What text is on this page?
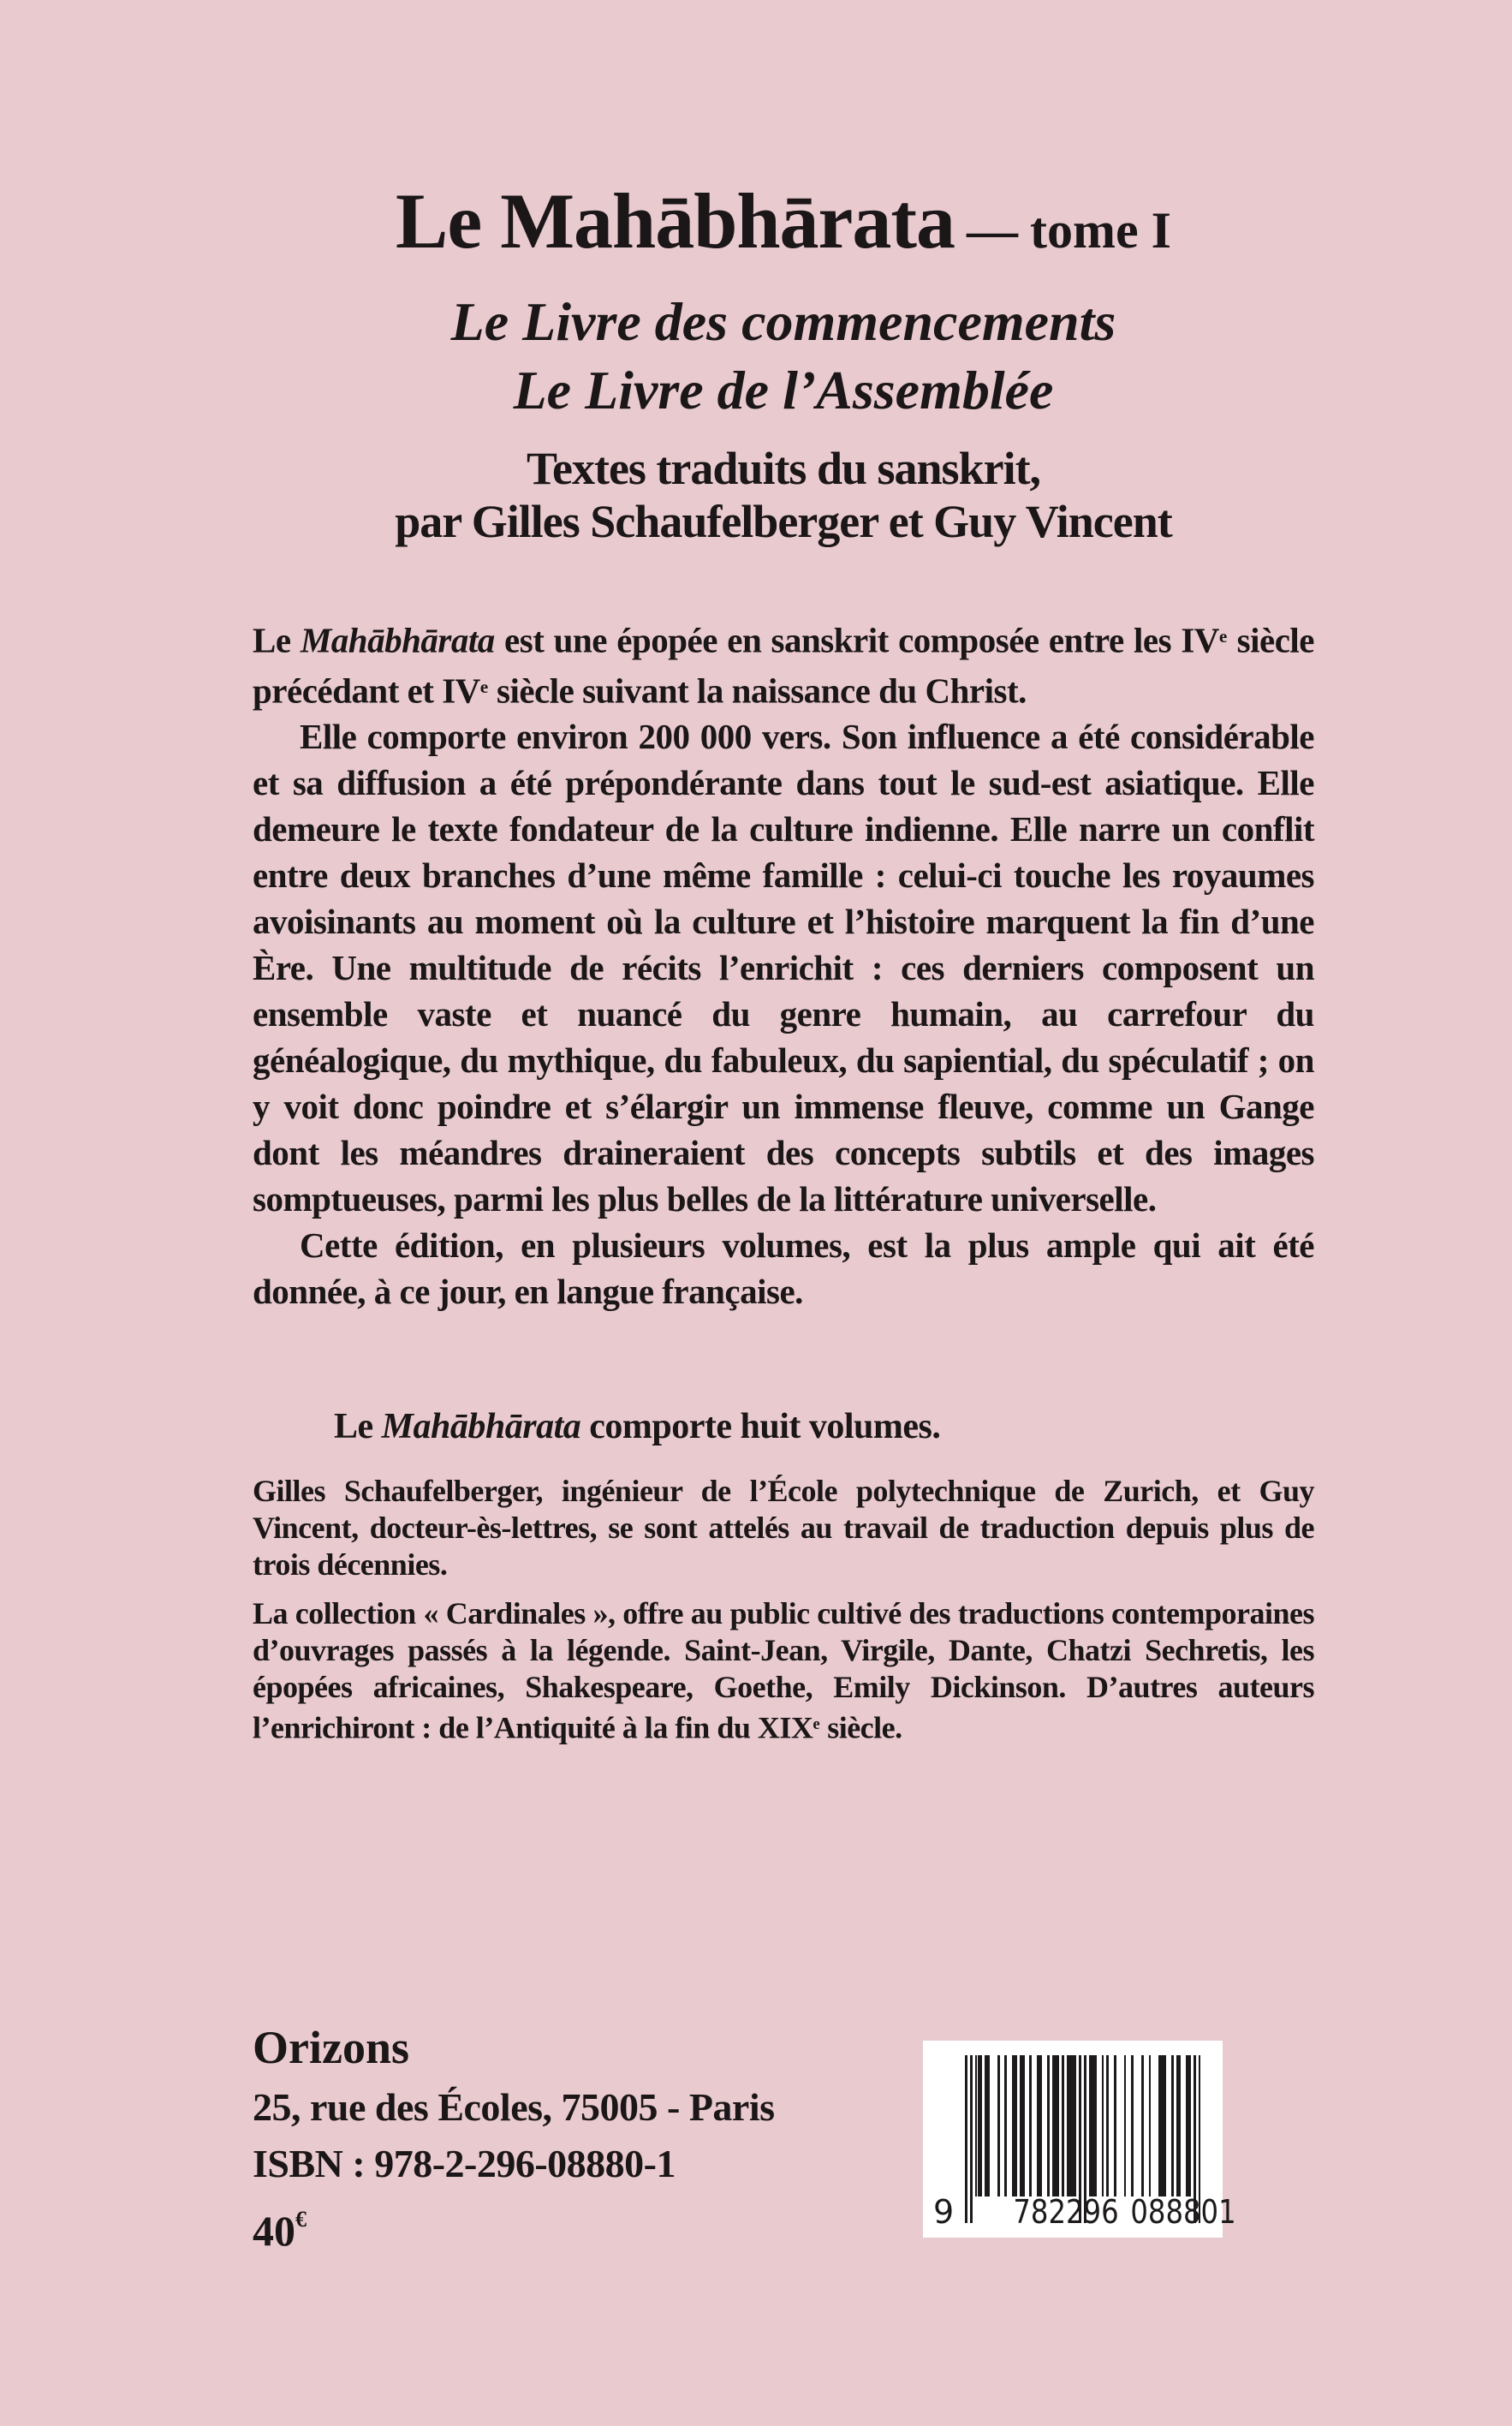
Le Mahābhārata — tome I
Le Livre des commencements
Le Livre de l’Assemblée
Textes traduits du sanskrit,
par Gilles Schaufelberger et Guy Vincent

Le Mahābhārata est une épopée en sanskrit composée entre les IVe siècle précédant et IVe siècle suivant la naissance du Christ.

Elle comporte environ 200 000 vers. Son influence a été considérable et sa diffusion a été prépondérante dans tout le sud-est asiatique. Elle demeure le texte fondateur de la culture indienne. Elle narre un conflit entre deux branches d’une même famille : celui-ci touche les royaumes avoisinants au moment où la culture et l’histoire marquent la fin d’une Ère. Une multitude de récits l’enrichit : ces derniers composent un ensemble vaste et nuancé du genre humain, au carrefour du généalogique, du mythique, du fabuleux, du sapiential, du spéculatif ; on y voit donc poindre et s’élargir un immense fleuve, comme un Gange dont les méandres draineraient des concepts subtils et des images somptueuses, parmi les plus belles de la littérature universelle.

Cette édition, en plusieurs volumes, est la plus ample qui ait été donnée, à ce jour, en langue française.

Le Mahābhārata comporte huit volumes.

Gilles Schaufelberger, ingénieur de l’École polytechnique de Zurich, et Guy Vincent, docteur-ès-lettres, se sont attelés au travail de traduction depuis plus de trois décennies.

La collection « Cardinales », offre au public cultivé des traductions contemporaines d’ouvrages passés à la légende. Saint-Jean, Virgile, Dante, Chatzi Sechretis, les épopées africaines, Shakespeare, Goethe, Emily Dickinson. D’autres auteurs l’enrichiront : de l’Antiquité à la fin du XIXe siècle.

Orizons
25, rue des Écoles, 75005 - Paris
ISBN : 978-2-296-08880-1
40€	9 782296 088801
